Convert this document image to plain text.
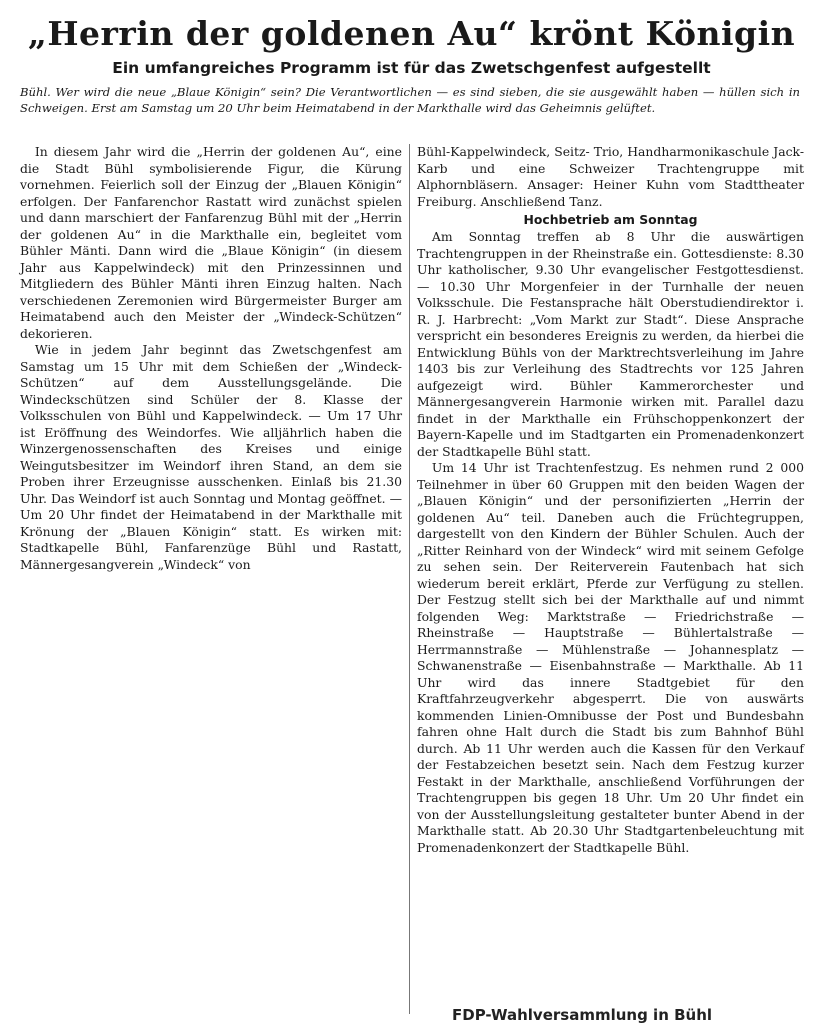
„Herrin der goldenen Au“ krönt Königin
Ein umfangreiches Programm ist für das Zwetschgenfest aufgestellt
Bühl. Wer wird die neue „Blaue Königin“ sein? Die Verantwortlichen — es sind sieben, die sie ausgewählt haben — hüllen sich in Schweigen. Erst am Samstag um 20 Uhr beim Heimatabend in der Markthalle wird das Geheimnis gelüftet.

In diesem Jahr wird die „Herrin der goldenen Au“, eine die Stadt Bühl symbolisierende Figur, die Kürung vornehmen. Feierlich soll der Einzug der „Blauen Königin“ erfolgen. Der Fanfarenchor Rastatt wird zunächst spielen und dann marschiert der Fanfarenzug Bühl mit der „Herrin der goldenen Au“ in die Markthalle ein, begleitet vom Bühler Mänti. Dann wird die „Blaue Königin“ (in diesem Jahr aus Kappelwindeck) mit den Prinzessinnen und Mitgliedern des Bühler Mänti ihren Einzug halten. Nach verschiedenen Zeremonien wird Bürgermeister Burger am Heimatabend auch den Meister der „Windeck-Schützen“ dekorieren.

Wie in jedem Jahr beginnt das Zwetschgenfest am Samstag um 15 Uhr mit dem Schießen der „Windeck-Schützen“ auf dem Ausstellungsgelände. Die Windeckschützen sind Schüler der 8. Klasse der Volksschulen von Bühl und Kappelwindeck. — Um 17 Uhr ist Eröffnung des Weindorfes. Wie alljährlich haben die Winzergenossenschaften des Kreises und einige Weingutsbesitzer im Weindorf ihren Stand, an dem sie Proben ihrer Erzeugnisse ausschenken. Einlaß bis 21.30 Uhr. Das Weindorf ist auch Sonntag und Montag geöffnet. — Um 20 Uhr findet der Heimatabend in der Markthalle mit Krönung der „Blauen Königin“ statt. Es wirken mit: Stadtkapelle Bühl, Fanfarenzüge Bühl und Rastatt, Männergesangverein „Windeck“ von

Bühl-Kappelwindeck, Seitz- Trio, Handharmonikaschule Jack-Karb und eine Schweizer Trachtengruppe mit Alphornbläsern. Ansager: Heiner Kuhn vom Stadttheater Freiburg. Anschließend Tanz.

Hochbetrieb am Sonntag

Am Sonntag treffen ab 8 Uhr die auswärtigen Trachtengruppen in der Rheinstraße ein. Gottesdienste: 8.30 Uhr katholischer, 9.30 Uhr evangelischer Festgottesdienst. — 10.30 Uhr Morgenfeier in der Turnhalle der neuen Volksschule. Die Festansprache hält Oberstudiendirektor i. R. J. Harbrecht: „Vom Markt zur Stadt“. Diese Ansprache verspricht ein besonderes Ereignis zu werden, da hierbei die Entwicklung Bühls von der Marktrechtsverleihung im Jahre 1403 bis zur Verleihung des Stadtrechts vor 125 Jahren aufgezeigt wird. Bühler Kammerorchester und Männergesangverein Harmonie wirken mit. Parallel dazu findet in der Markthalle ein Frühschoppenkonzert der Bayern-Kapelle und im Stadtgarten ein Promenadenkonzert der Stadtkapelle Bühl statt.

Um 14 Uhr ist Trachtenfestzug. Es nehmen rund 2 000 Teilnehmer in über 60 Gruppen mit den beiden Wagen der „Blauen Königin“ und der personifizierten „Herrin der goldenen Au“ teil. Daneben auch die Früchtegruppen, dargestellt von den Kindern der Bühler Schulen. Auch der „Ritter Reinhard von der Windeck“ wird mit seinem Gefolge zu sehen sein. Der Reiterverein Fautenbach hat sich wiederum bereit erklärt, Pferde zur Verfügung zu stellen. Der Festzug stellt sich bei der Markthalle auf und nimmt folgenden Weg: Marktstraße — Friedrichstraße — Rheinstraße — Hauptstraße — Bühlertalstraße — Herrmannstraße — Mühlenstraße — Johannesplatz — Schwanenstraße — Eisenbahnstraße — Markthalle. Ab 11 Uhr wird das innere Stadtgebiet für den Kraftfahrzeugverkehr abgesperrt. Die von auswärts kommenden Linien-Omnibusse der Post und Bundesbahn fahren ohne Halt durch die Stadt bis zum Bahnhof Bühl durch. Ab 11 Uhr werden auch die Kassen für den Verkauf der Festabzeichen besetzt sein. Nach dem Festzug kurzer Festakt in der Markthalle, anschließend Vorführungen der Trachtengruppen bis gegen 18 Uhr. Um 20 Uhr findet ein von der Ausstellungsleitung gestalteter bunter Abend in der Markthalle statt. Ab 20.30 Uhr Stadtgartenbeleuchtung mit Promenadenkonzert der Stadtkapelle Bühl.

FDP-Wahlversammlung in Bühl
